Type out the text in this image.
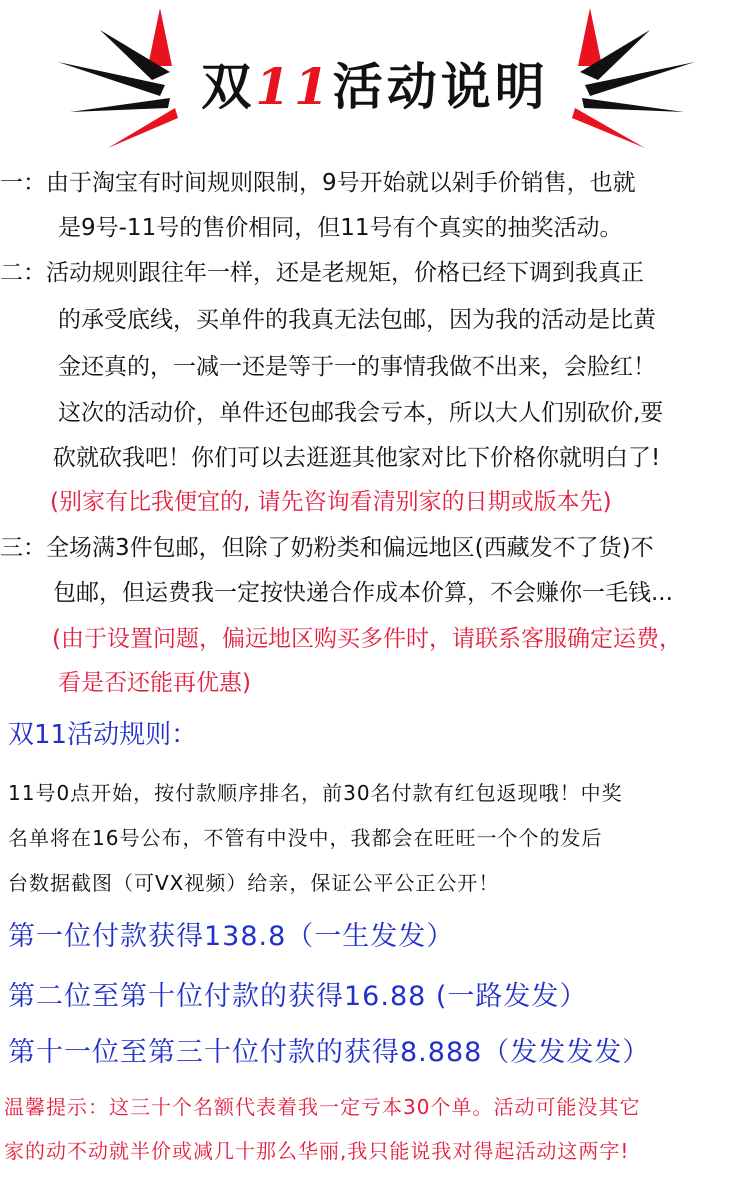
双11活动说明
一：由于淘宝有时间规则限制，9号开始就以剁手价销售，也就
是9号-11号的售价相同，但11号有个真实的抽奖活动。
二：活动规则跟往年一样，还是老规矩，价格已经下调到我真正
的承受底线，买单件的我真无法包邮，因为我的活动是比黄
金还真的，一减一还是等于一的事情我做不出来，会脸红！
这次的活动价，单件还包邮我会亏本，所以大人们别砍价,要
砍就砍我吧！你们可以去逛逛其他家对比下价格你就明白了!
(别家有比我便宜的, 请先咨询看清别家的日期或版本先)
三：全场满3件包邮，但除了奶粉类和偏远地区(西藏发不了货)不
包邮，但运费我一定按快递合作成本价算，不会赚你一毛钱...
(由于设置问题，偏远地区购买多件时，请联系客服确定运费，
看是否还能再优惠)
双11活动规则：
11号0点开始，按付款顺序排名，前30名付款有红包返现哦！中奖
名单将在16号公布，不管有中没中，我都会在旺旺一个个的发后
台数据截图（可VX视频）给亲，保证公平公正公开！
第一位付款获得138.8（一生发发）
第二位至第十位付款的获得16.88 (一路发发）
第十一位至第三十位付款的获得8.888（发发发发）
温馨提示：这三十个名额代表着我一定亏本30个单。活动可能没其它
家的动不动就半价或减几十那么华丽,我只能说我对得起活动这两字!
